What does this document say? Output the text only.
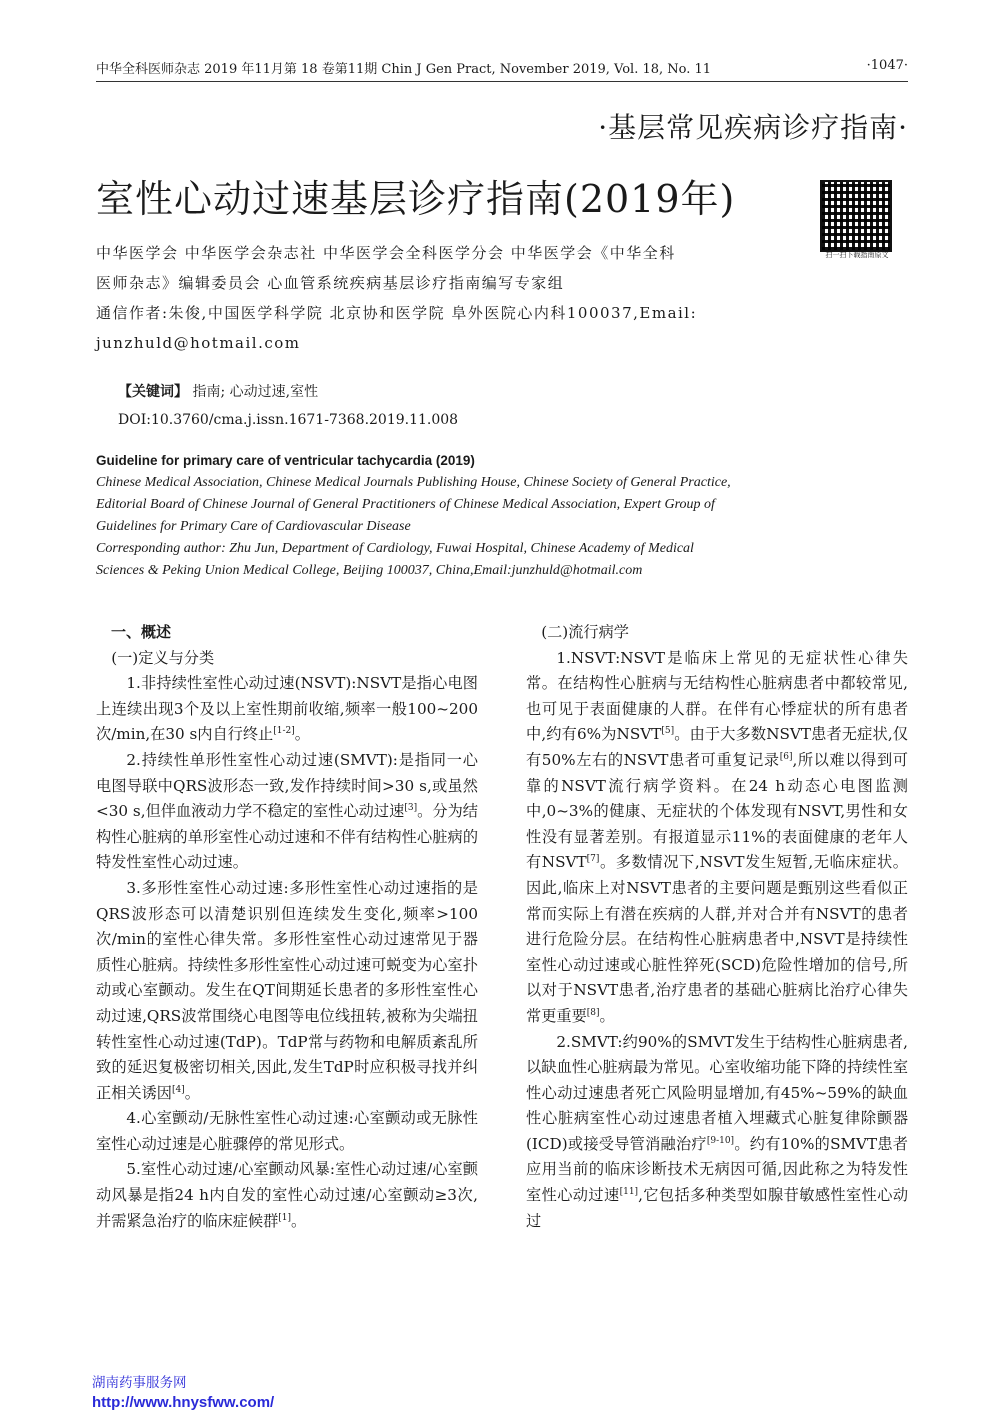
中华全科医师杂志 2019 年11月第 18 卷第11期 Chin J Gen Pract, November 2019, Vol. 18, No. 11	·1047·
·基层常见疾病诊疗指南·
室性心动过速基层诊疗指南(2019年)
扫一扫下载指南原文
中华医学会 中华医学会杂志社 中华医学会全科医学分会 中华医学会《中华全科
医师杂志》编辑委员会 心血管系统疾病基层诊疗指南编写专家组
通信作者:朱俊,中国医学科学院 北京协和医学院 阜外医院心内科100037,Email:
junzhuld@hotmail.com
【关键词】 指南; 心动过速,室性
DOI:10.3760/cma.j.issn.1671-7368.2019.11.008
Guideline for primary care of ventricular tachycardia (2019)

Chinese Medical Association, Chinese Medical Journals Publishing House, Chinese Society of General Practice,

Editorial Board of Chinese Journal of General Practitioners of Chinese Medical Association, Expert Group of

Guidelines for Primary Care of Cardiovascular Disease

Corresponding author: Zhu Jun, Department of Cardiology, Fuwai Hospital, Chinese Academy of Medical

Sciences & Peking Union Medical College, Beijing 100037, China,Email:junzhuld@hotmail.com

一、概述

(一)定义与分类

1.非持续性室性心动过速(NSVT):NSVT是指心电图上连续出现3个及以上室性期前收缩,频率一般100~200次/min,在30 s内自行终止[1-2]。

2.持续性单形性室性心动过速(SMVT):是指同一心电图导联中QRS波形态一致,发作持续时间>30 s,或虽然<30 s,但伴血液动力学不稳定的室性心动过速[3]。分为结构性心脏病的单形室性心动过速和不伴有结构性心脏病的特发性室性心动过速。

3.多形性室性心动过速:多形性室性心动过速指的是QRS波形态可以清楚识别但连续发生变化,频率>100次/min的室性心律失常。多形性室性心动过速常见于器质性心脏病。持续性多形性室性心动过速可蜕变为心室扑动或心室颤动。发生在QT间期延长患者的多形性室性心动过速,QRS波常围绕心电图等电位线扭转,被称为尖端扭转性室性心动过速(TdP)。TdP常与药物和电解质紊乱所致的延迟复极密切相关,因此,发生TdP时应积极寻找并纠正相关诱因[4]。

4.心室颤动/无脉性室性心动过速:心室颤动或无脉性室性心动过速是心脏骤停的常见形式。

5.室性心动过速/心室颤动风暴:室性心动过速/心室颤动风暴是指24 h内自发的室性心动过速/心室颤动≥3次,并需紧急治疗的临床症候群[1]。

(二)流行病学

1.NSVT:NSVT是临床上常见的无症状性心律失常。在结构性心脏病与无结构性心脏病患者中都较常见,也可见于表面健康的人群。在伴有心悸症状的所有患者中,约有6%为NSVT[5]。由于大多数NSVT患者无症状,仅有50%左右的NSVT患者可重复记录[6],所以难以得到可靠的NSVT流行病学资料。在24 h动态心电图监测中,0~3%的健康、无症状的个体发现有NSVT,男性和女性没有显著差别。有报道显示11%的表面健康的老年人有NSVT[7]。多数情况下,NSVT发生短暂,无临床症状。因此,临床上对NSVT患者的主要问题是甄别这些看似正常而实际上有潜在疾病的人群,并对合并有NSVT的患者进行危险分层。在结构性心脏病患者中,NSVT是持续性室性心动过速或心脏性猝死(SCD)危险性增加的信号,所以对于NSVT患者,治疗患者的基础心脏病比治疗心律失常更重要[8]。

2.SMVT:约90%的SMVT发生于结构性心脏病患者,以缺血性心脏病最为常见。心室收缩功能下降的持续性室性心动过速患者死亡风险明显增加,有45%~59%的缺血性心脏病室性心动过速患者植入埋藏式心脏复律除颤器(ICD)或接受导管消融治疗[9-10]。约有10%的SMVT患者应用当前的临床诊断技术无病因可循,因此称之为特发性室性心动过速[11],它包括多种类型如腺苷敏感性室性心动过

湖南药事服务网
http://www.hnysfww.com/
